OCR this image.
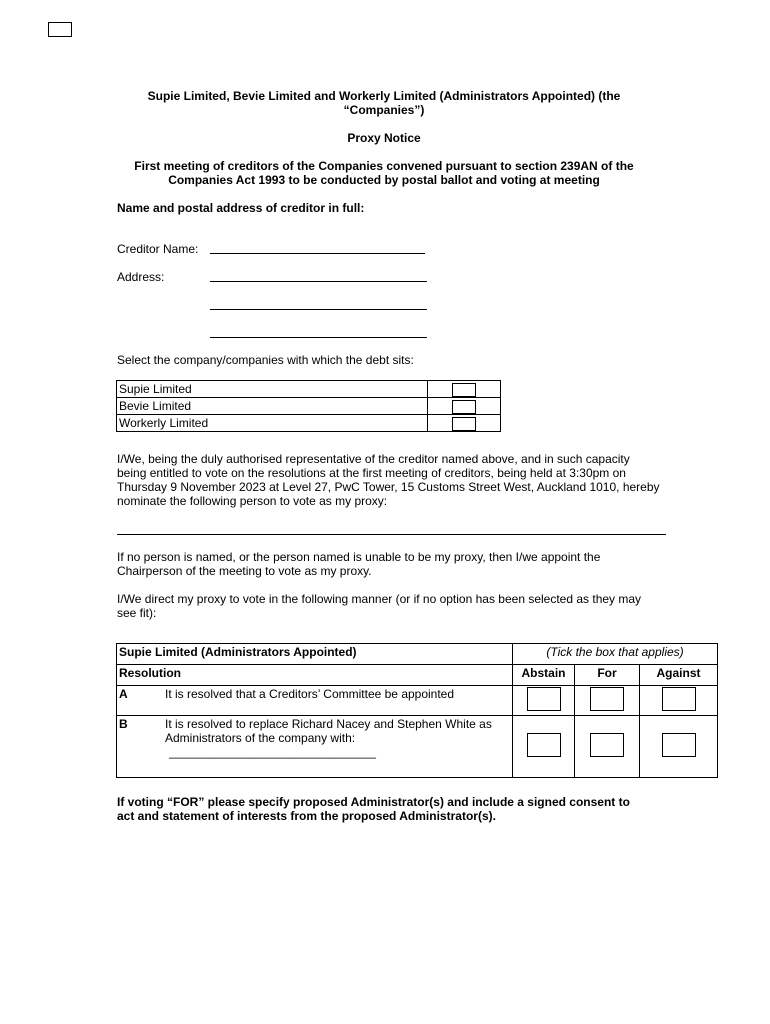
Supie Limited, Bevie Limited and Workerly Limited (Administrators Appointed) (the “Companies”)
Proxy Notice
First meeting of creditors of the Companies convened pursuant to section 239AN of the Companies Act 1993 to be conducted by postal ballot and voting at meeting
Name and postal address of creditor in full:
Creditor Name:
Address:
Select the company/companies with which the debt sits:
Supie Limited	
Bevie Limited	
Workerly Limited	
I/We, being the duly authorised representative of the creditor named above, and in such capacity being entitled to vote on the resolutions at the first meeting of creditors, being held at 3:30pm on Thursday 9 November 2023 at Level 27, PwC Tower, 15 Customs Street West, Auckland 1010, hereby nominate the following person to vote as my proxy:
If no person is named, or the person named is unable to be my proxy, then I/we appoint the Chairperson of the meeting to vote as my proxy.
I/We direct my proxy to vote in the following manner (or if no option has been selected as they may see fit):
Supie Limited (Administrators Appointed)	(Tick the box that applies)		
Resolution	Abstain	For	Against

A It is resolved that a Creditors’ Committee be appointed			

B It is resolved to replace Richard Nacey and Stephen White as Administrators of the company with:
_______________________________			

If voting “FOR” please specify proposed Administrator(s) and include a signed consent to act and statement of interests from the proposed Administrator(s).
